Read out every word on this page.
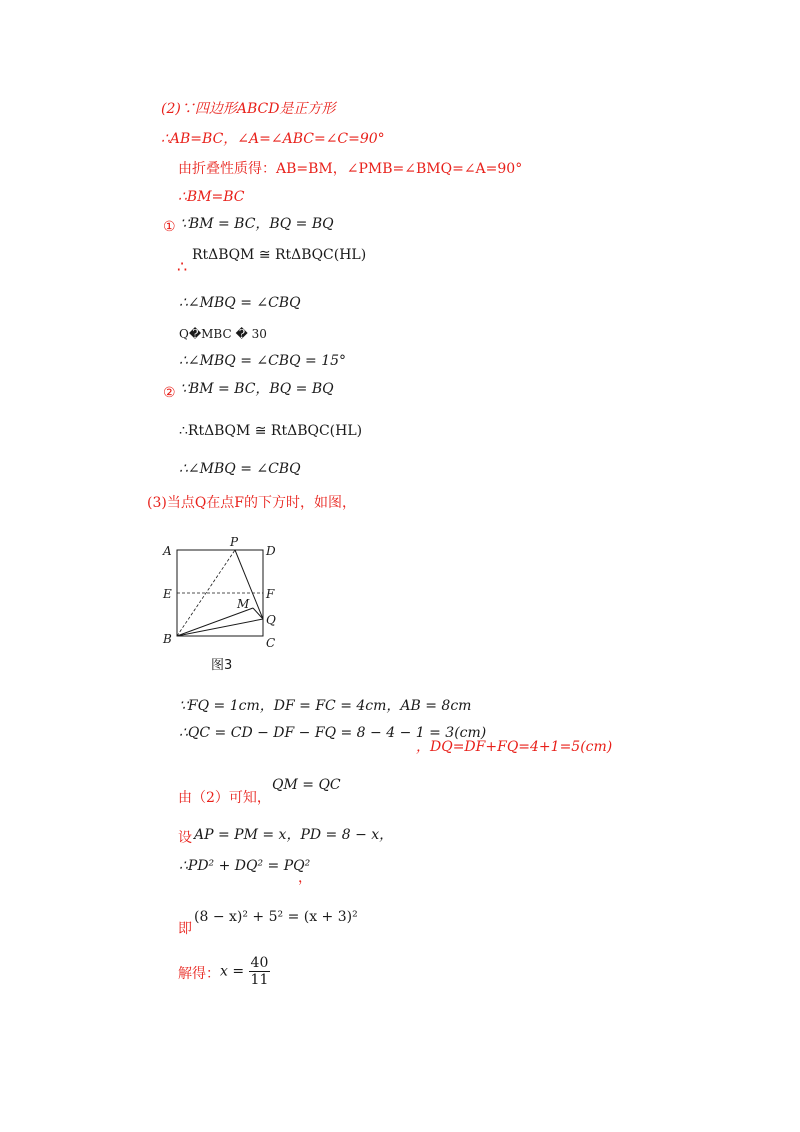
(2)∵四边形ABCD是正方形
∴AB=BC，∠A=∠ABC=∠C=90°
由折叠性质得：AB=BM，∠PMB=∠BMQ=∠A=90°
∴BM=BC
① ∵BM = BC，BQ = BQ
∴
RtΔBQM ≅ RtΔBQC(HL)
∴∠MBQ = ∠CBQ
Q�MBC � 30
∴∠MBQ = ∠CBQ = 15°
② ∵BM = BC，BQ = BQ
∴RtΔBQM ≅ RtΔBQC(HL)
∴∠MBQ = ∠CBQ
(3)当点Q在点F的下方时，如图，
A
P
D
E	F
M
Q
B	C
图3
∵FQ = 1cm，DF = FC = 4cm，AB = 8cm
∴QC = CD − DF − FQ = 8 − 4 − 1 = 3(cm)
，DQ=DF+FQ=4+1=5(cm)
由（2）可知，
QM = QC
设 AP = PM = x，PD = 8 − x，
∴PD² + DQ² = PQ²
，
即
(8 − x)² + 5² = (x + 3)²
解得： $x = \frac{40}{11}$
